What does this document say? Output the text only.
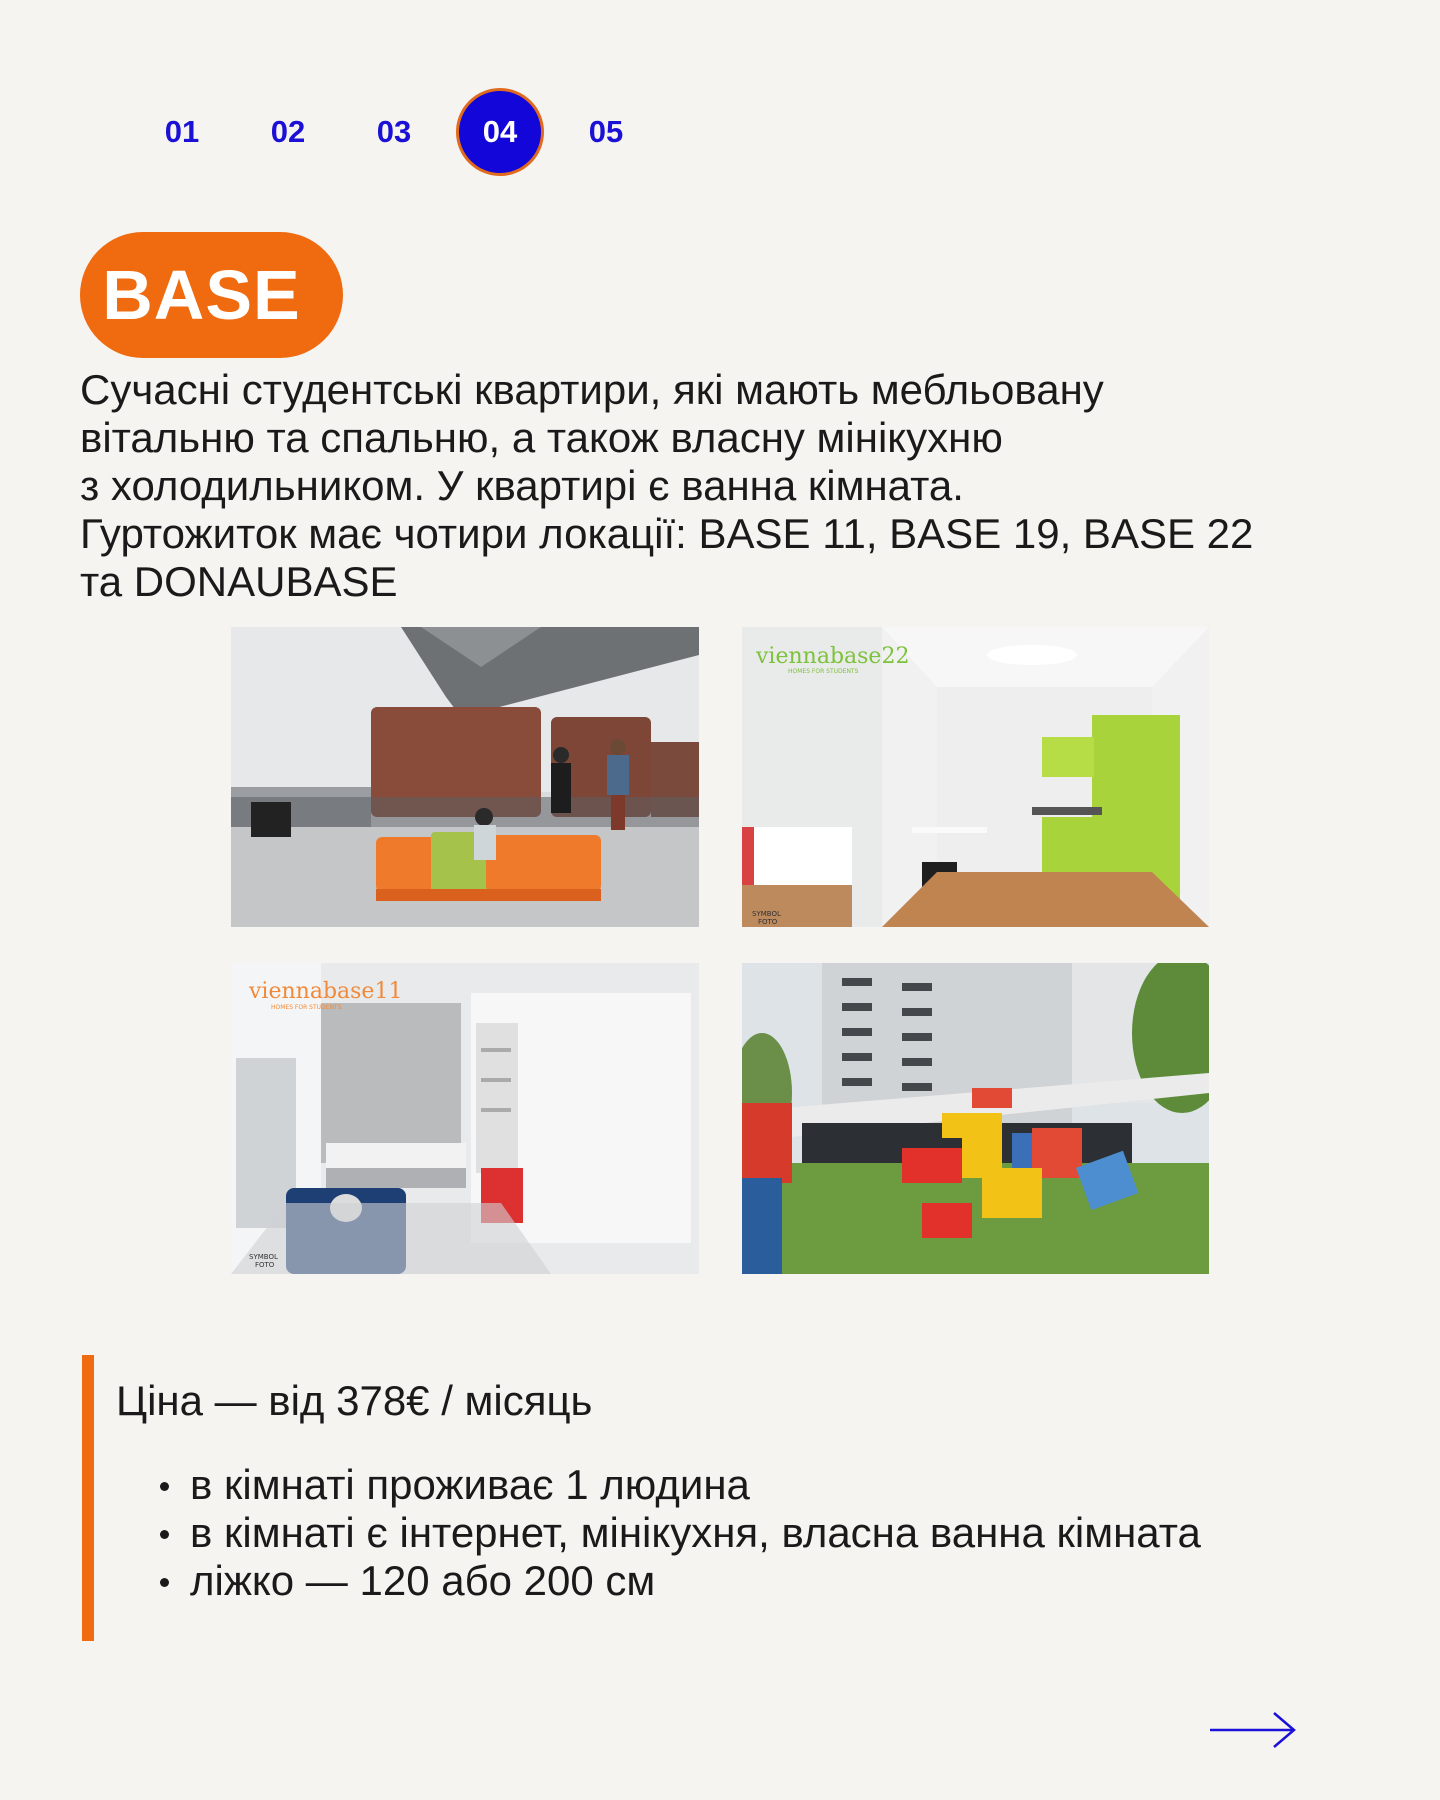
01	02	03	04	05
BASE

Сучасні студентські квартири, які мають мебльовану
вітальню та спальню, а також власну мінікухню
з холодильником. У квартирі є ванна кімната.
Гуртожиток має чотири локації: BASE 11, BASE 19, BASE 22
та DONAUBASE

viennabase22
HOMES FOR STUDENTS
SYMBOL
FOTO
viennabase11
HOMES FOR STUDENTS
SYMBOL
FOTO

Ціна — від 378€ / місяць

в кімнаті проживає 1 людина
в кімнаті є інтернет, мінікухня, власна ванна кімната
ліжко — 120 або 200 см
